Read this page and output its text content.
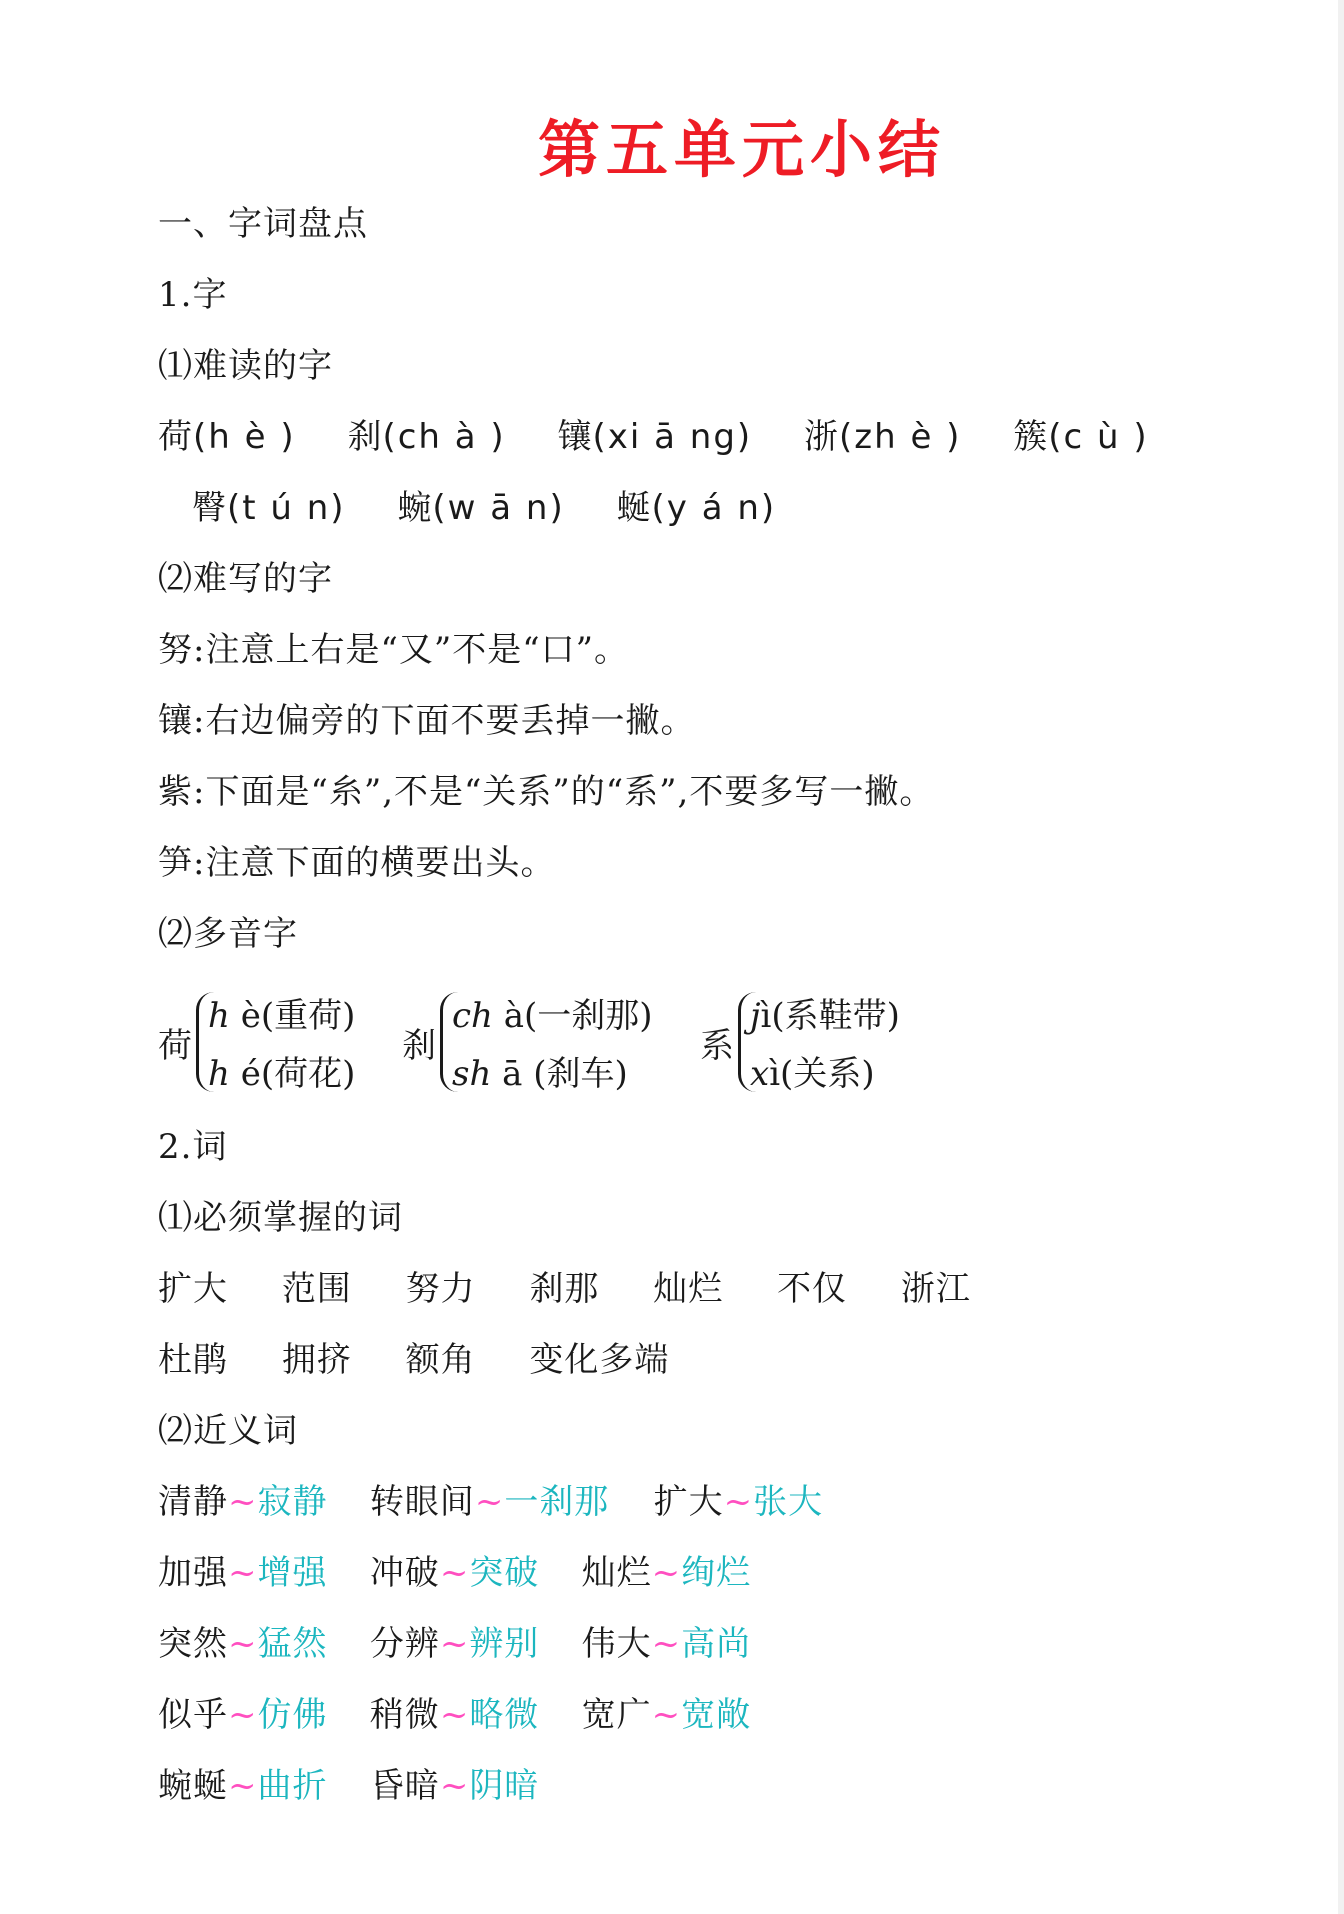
第五单元小结
一、字词盘点
1.字
⑴难读的字
荷(h è ) 刹(ch à ) 镶(xi ā ng) 浙(zh è ) 簇(c ù )
臀(t ú n) 蜿(w ā n) 蜒(y á n)
⑵难写的字
努:注意上右是“又”不是“口”。
镶:右边偏旁的下面不要丢掉一撇。
紫:下面是“糸”,不是“关系”的“系”,不要多写一撇。
笋:注意下面的横要出头。
⑵多音字
荷
h è(重荷)
h é(荷花)
刹
ch à(一刹那)
sh ā (刹车)
系
jì(系鞋带)
xì(关系)
2.词
⑴必须掌握的词
扩大 范围 努力 刹那 灿烂 不仅 浙江
杜鹃 拥挤 额角 变化多端
⑵近义词
清静~寂静 转眼间~一刹那 扩大~张大
加强~增强 冲破~突破 灿烂~绚烂
突然~猛然 分辨~辨别 伟大~高尚
似乎~仿佛 稍微~略微 宽广~宽敞
蜿蜒~曲折 昏暗~阴暗
